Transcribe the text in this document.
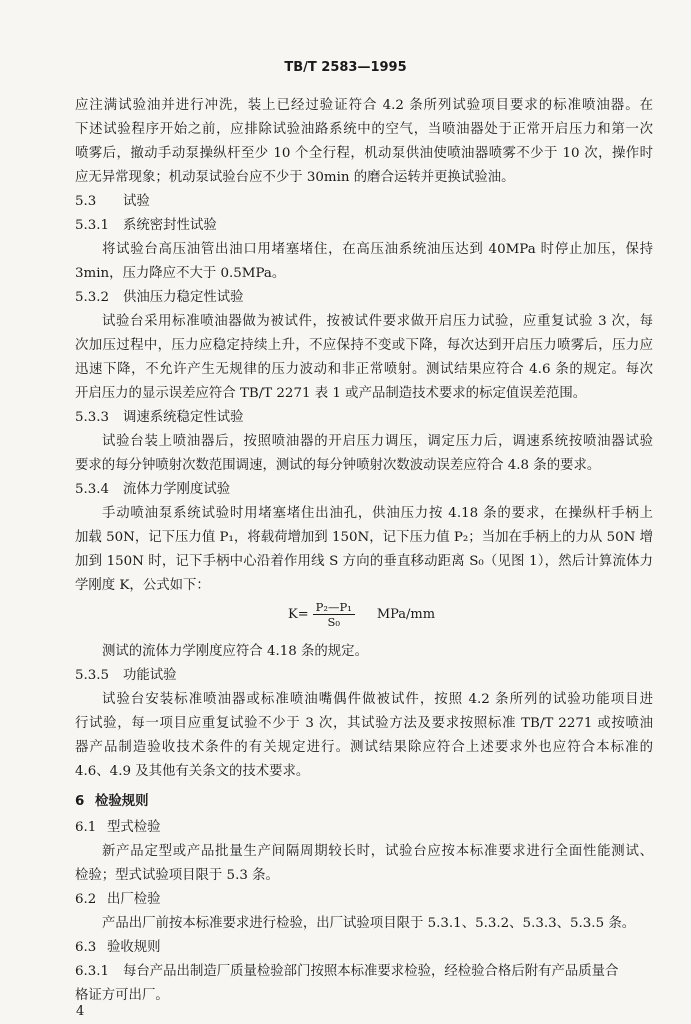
TB/T 2583—1995
应注满试验油并进行冲洗，装上已经过验证符合 4.2 条所列试验项目要求的标准喷油器。在
下述试验程序开始之前，应排除试验油路系统中的空气，当喷油器处于正常开启压力和第一次
喷雾后，撤动手动泵操纵杆至少 10 个全行程，机动泵供油使喷油器喷雾不少于 10 次，操作时
应无异常现象；机动泵试验台应不少于 30min 的磨合运转并更换试验油。
5.3 试验
5.3.1 系统密封性试验
将试验台高压油管出油口用堵塞堵住，在高压油系统油压达到 40MPa 时停止加压，保持
3min，压力降应不大于 0.5MPa。
5.3.2 供油压力稳定性试验
试验台采用标准喷油器做为被试件，按被试件要求做开启压力试验，应重复试验 3 次，每
次加压过程中，压力应稳定持续上升，不应保持不变或下降，每次达到开启压力喷雾后，压力应
迅速下降，不允许产生无规律的压力波动和非正常喷射。测试结果应符合 4.6 条的规定。每次
开启压力的显示误差应符合 TB/T 2271 表 1 或产品制造技术要求的标定值误差范围。
5.3.3 调速系统稳定性试验
试验台装上喷油器后，按照喷油器的开启压力调压，调定压力后，调速系统按喷油器试验
要求的每分钟喷射次数范围调速，测试的每分钟喷射次数波动误差应符合 4.8 条的要求。
5.3.4 流体力学刚度试验
手动喷油泵系统试验时用堵塞堵住出油孔，供油压力按 4.18 条的要求，在操纵杆手柄上
加载 50N，记下压力值 P₁，将载荷增加到 150N，记下压力值 P₂；当加在手柄上的力从 50N 增
加到 150N 时，记下手柄中心沿着作用线 S 方向的垂直移动距离 S₀（见图 1），然后计算流体力
学刚度 K，公式如下：
$K= \frac{\text{P₂—P₁}}{\text{S₀}} MPa/mm$
测试的流体力学刚度应符合 4.18 条的规定。
5.3.5 功能试验
试验台安装标准喷油器或标准喷油嘴偶件做被试件，按照 4.2 条所列的试验功能项目进
行试验，每一项目应重复试验不少于 3 次，其试验方法及要求按照标准 TB/T 2271 或按喷油
器产品制造验收技术条件的有关规定进行。测试结果除应符合上述要求外也应符合本标准的
4.6、4.9 及其他有关条文的技术要求。
6 检验规则
6.1 型式检验
新产品定型或产品批量生产间隔周期较长时，试验台应按本标准要求进行全面性能测试、
检验；型式试验项目限于 5.3 条。
6.2 出厂检验
产品出厂前按本标准要求进行检验，出厂试验项目限于 5.3.1、5.3.2、5.3.3、5.3.5 条。
6.3 验收规则
6.3.1 每台产品出制造厂质量检验部门按照本标准要求检验，经检验合格后附有产品质量合
格证方可出厂。
4
